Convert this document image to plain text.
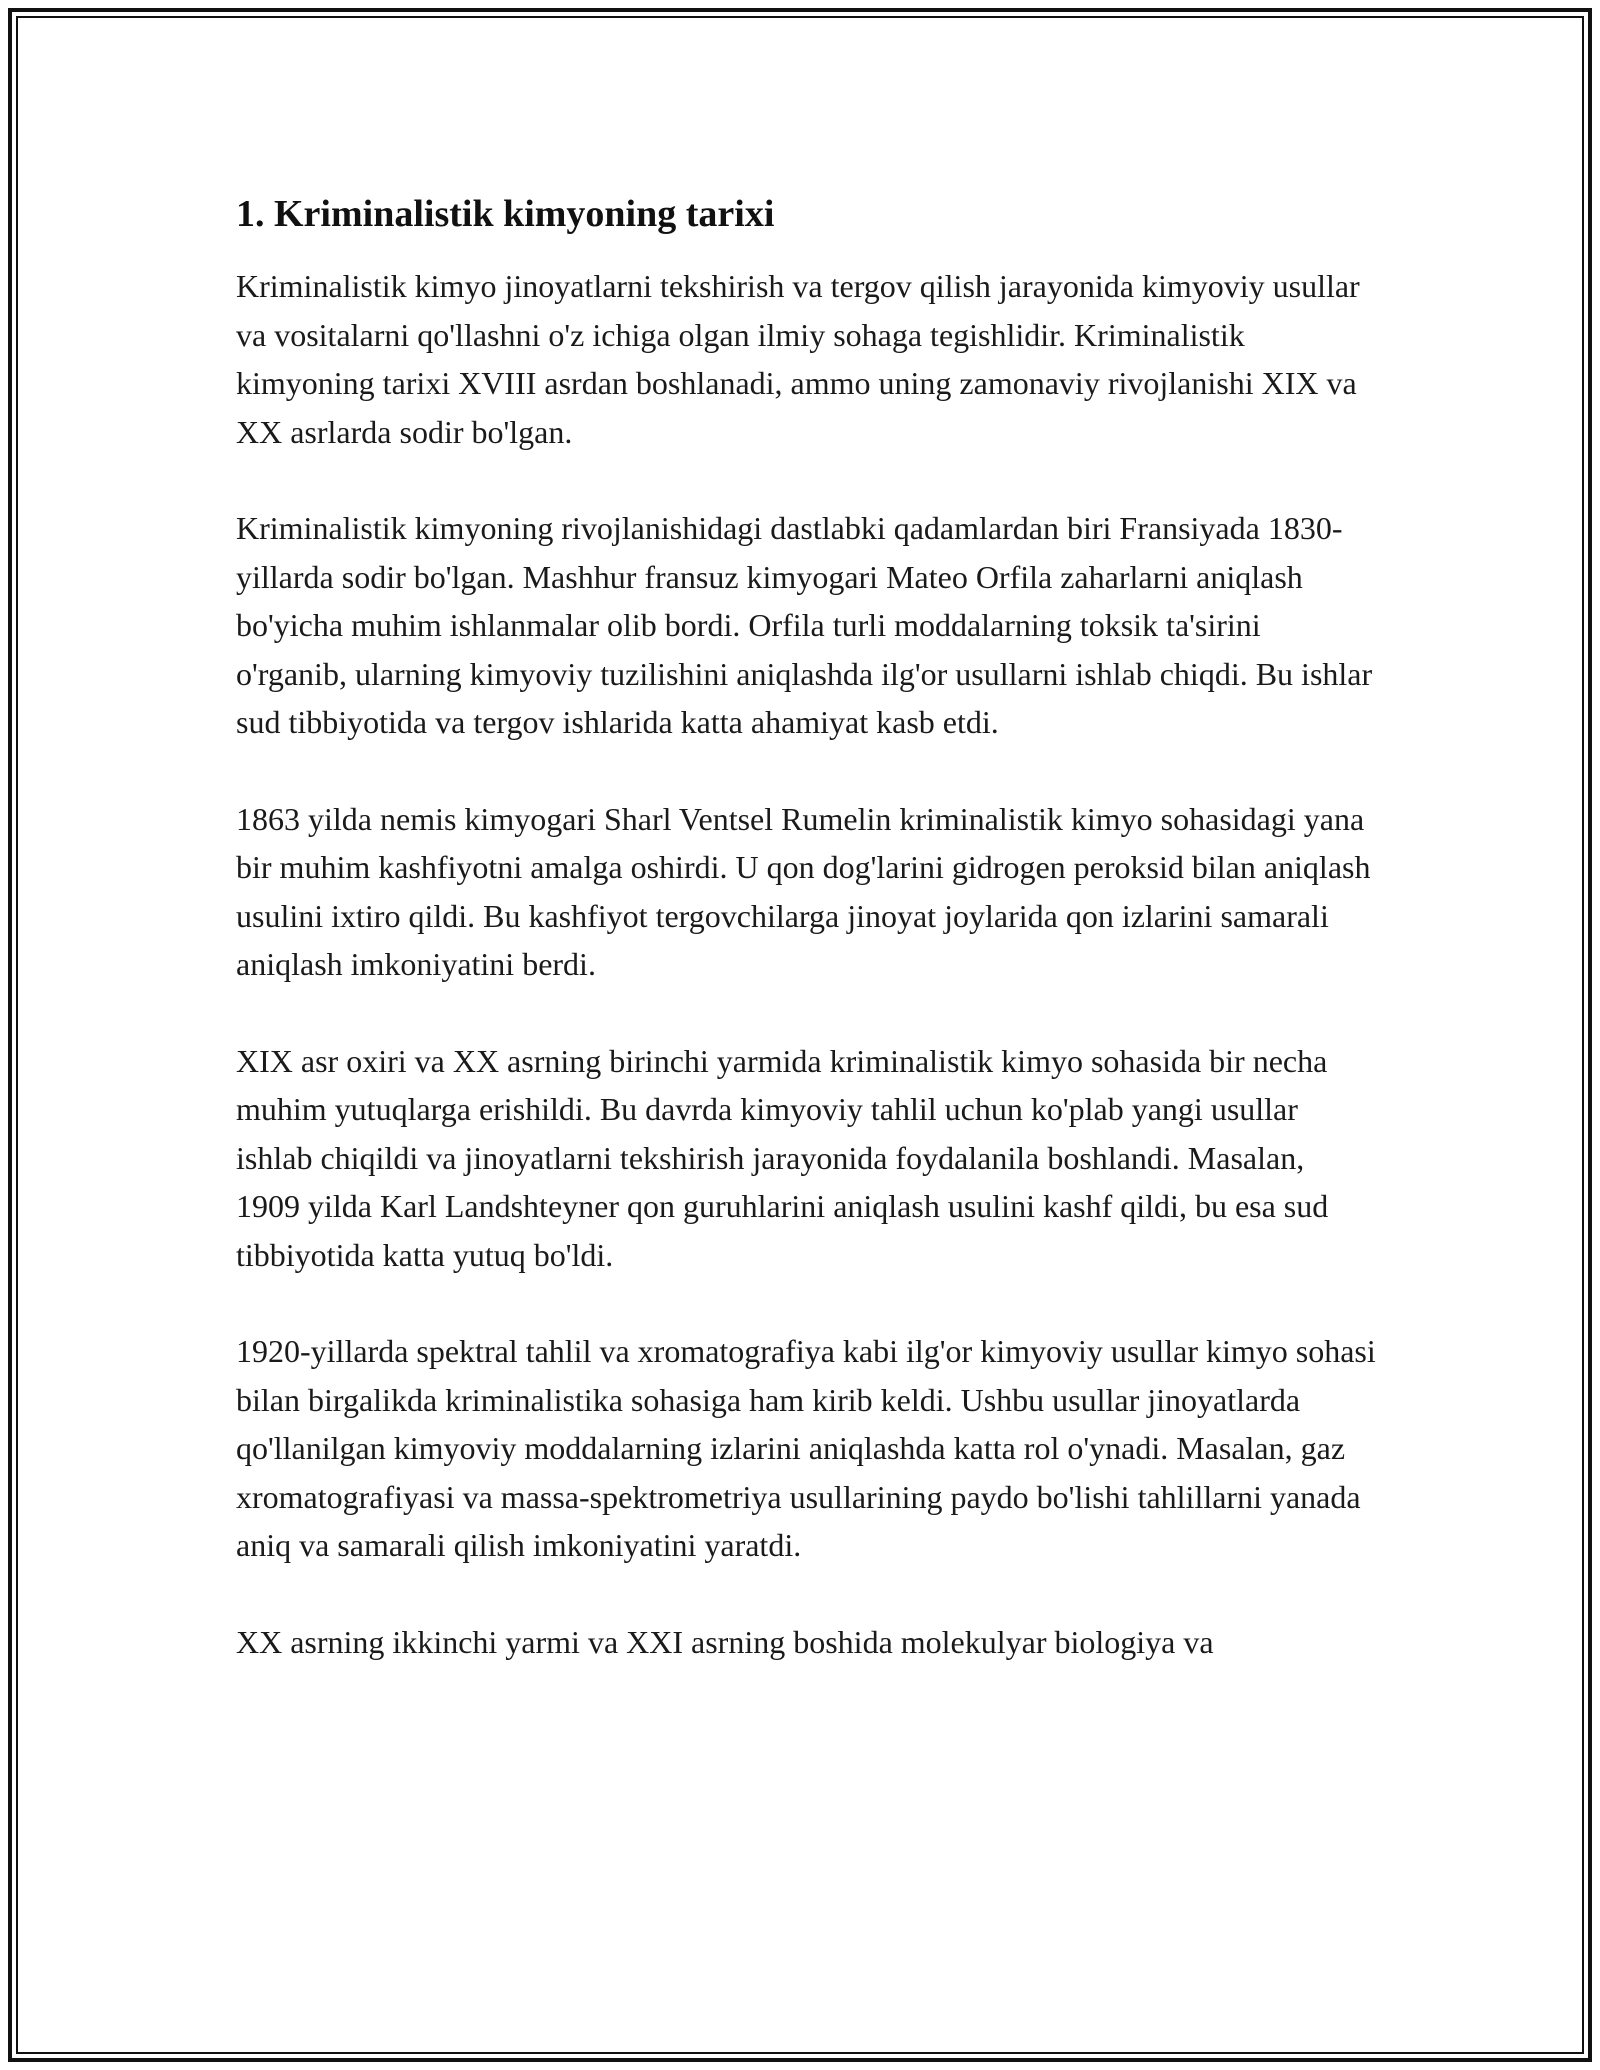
1. Kriminalistik kimyoning tarixi

Kriminalistik kimyo jinoyatlarni tekshirish va tergov qilish jarayonida kimyoviy usullar va vositalarni qo'llashni o'z ichiga olgan ilmiy sohaga tegishlidir. Kriminalistik kimyoning tarixi XVIII asrdan boshlanadi, ammo uning zamonaviy rivojlanishi XIX va XX asrlarda sodir bo'lgan.

Kriminalistik kimyoning rivojlanishidagi dastlabki qadamlardan biri Fransiyada 1830-yillarda sodir bo'lgan. Mashhur fransuz kimyogari Mateo Orfila zaharlarni aniqlash bo'yicha muhim ishlanmalar olib bordi. Orfila turli moddalarning toksik ta'sirini o'rganib, ularning kimyoviy tuzilishini aniqlashda ilg'or usullarni ishlab chiqdi. Bu ishlar sud tibbiyotida va tergov ishlarida katta ahamiyat kasb etdi.

1863 yilda nemis kimyogari Sharl Ventsel Rumelin kriminalistik kimyo sohasidagi yana bir muhim kashfiyotni amalga oshirdi. U qon dog'larini gidrogen peroksid bilan aniqlash usulini ixtiro qildi. Bu kashfiyot tergovchilarga jinoyat joylarida qon izlarini samarali aniqlash imkoniyatini berdi.

XIX asr oxiri va XX asrning birinchi yarmida kriminalistik kimyo sohasida bir necha muhim yutuqlarga erishildi. Bu davrda kimyoviy tahlil uchun ko'plab yangi usullar ishlab chiqildi va jinoyatlarni tekshirish jarayonida foydalanila boshlandi. Masalan, 1909 yilda Karl Landshteyner qon guruhlarini aniqlash usulini kashf qildi, bu esa sud tibbiyotida katta yutuq bo'ldi.

1920-yillarda spektral tahlil va xromatografiya kabi ilg'or kimyoviy usullar kimyo sohasi bilan birgalikda kriminalistika sohasiga ham kirib keldi. Ushbu usullar jinoyatlarda qo'llanilgan kimyoviy moddalarning izlarini aniqlashda katta rol o'ynadi. Masalan, gaz xromatografiyasi va massa-spektrometriya usullarining paydo bo'lishi tahlillarni yanada aniq va samarali qilish imkoniyatini yaratdi.

XX asrning ikkinchi yarmi va XXI asrning boshida molekulyar biologiya va
